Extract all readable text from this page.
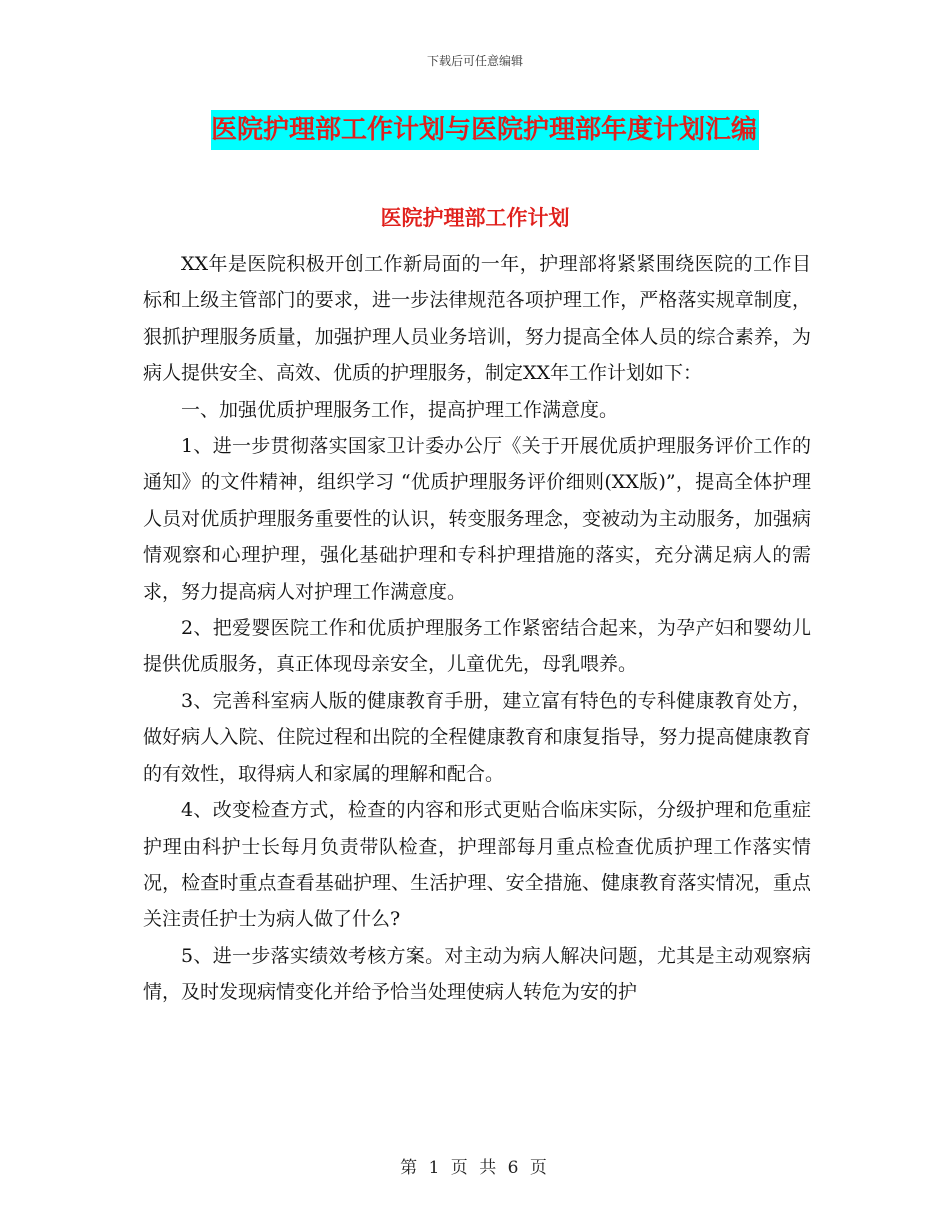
下载后可任意编辑
医院护理部工作计划与医院护理部年度计划汇编
医院护理部工作计划

XX年是医院积极开创工作新局面的一年，护理部将紧紧围绕医院的工作目标和上级主管部门的要求，进一步法律规范各项护理工作，严格落实规章制度，狠抓护理服务质量，加强护理人员业务培训，努力提高全体人员的综合素养，为病人提供安全、高效、优质的护理服务，制定XX年工作计划如下：

一、加强优质护理服务工作，提高护理工作满意度。

1、进一步贯彻落实国家卫计委办公厅《关于开展优质护理服务评价工作的通知》的文件精神，组织学习 “优质护理服务评价细则(XX版)”，提高全体护理人员对优质护理服务重要性的认识，转变服务理念，变被动为主动服务，加强病情观察和心理护理，强化基础护理和专科护理措施的落实，充分满足病人的需求，努力提高病人对护理工作满意度。

2、把爱婴医院工作和优质护理服务工作紧密结合起来，为孕产妇和婴幼儿提供优质服务，真正体现母亲安全，儿童优先，母乳喂养。

3、完善科室病人版的健康教育手册，建立富有特色的专科健康教育处方，做好病人入院、住院过程和出院的全程健康教育和康复指导，努力提高健康教育的有效性，取得病人和家属的理解和配合。

4、改变检查方式，检查的内容和形式更贴合临床实际，分级护理和危重症护理由科护士长每月负责带队检查，护理部每月重点检查优质护理工作落实情况，检查时重点查看基础护理、生活护理、安全措施、健康教育落实情况，重点关注责任护士为病人做了什么?

5、进一步落实绩效考核方案。对主动为病人解决问题，尤其是主动观察病情，及时发现病情变化并给予恰当处理使病人转危为安的护

第 1 页 共 6 页
